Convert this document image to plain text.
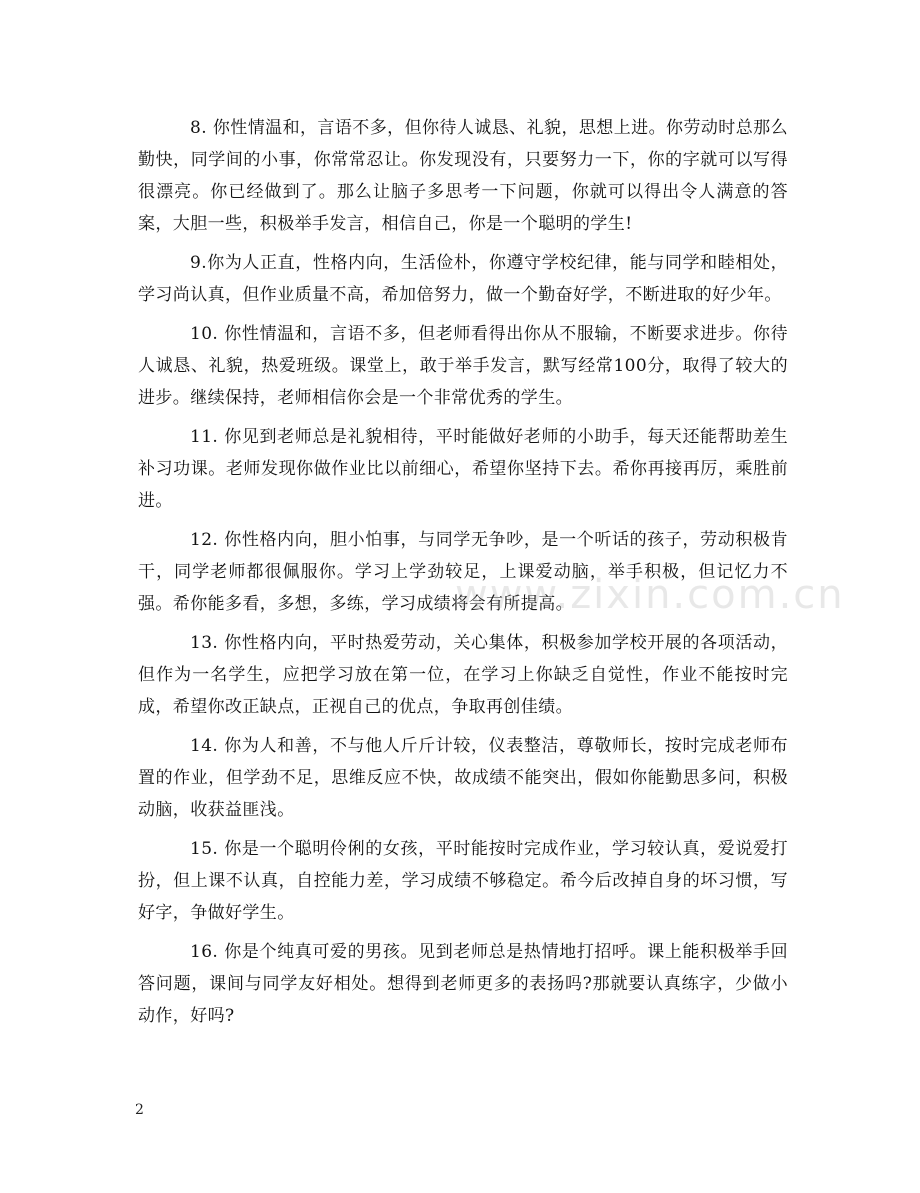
8. 你性情温和，言语不多，但你待人诚恳、礼貌，思想上进。你劳动时总那么勤快，同学间的小事，你常常忍让。你发现没有，只要努力一下，你的字就可以写得很漂亮。你已经做到了。那么让脑子多思考一下问题，你就可以得出令人满意的答案，大胆一些，积极举手发言，相信自己，你是一个聪明的学生!

9.你为人正直，性格内向，生活俭朴，你遵守学校纪律，能与同学和睦相处，学习尚认真，但作业质量不高，希加倍努力，做一个勤奋好学，不断进取的好少年。

10. 你性情温和，言语不多，但老师看得出你从不服输，不断要求进步。你待人诚恳、礼貌，热爱班级。课堂上，敢于举手发言，默写经常100分，取得了较大的进步。继续保持，老师相信你会是一个非常优秀的学生。

11. 你见到老师总是礼貌相待，平时能做好老师的小助手，每天还能帮助差生补习功课。老师发现你做作业比以前细心，希望你坚持下去。希你再接再厉，乘胜前进。

12. 你性格内向，胆小怕事，与同学无争吵，是一个听话的孩子，劳动积极肯干，同学老师都很佩服你。学习上学劲较足，上课爱动脑，举手积极，但记忆力不强。希你能多看，多想，多练，学习成绩将会有所提高。

13. 你性格内向，平时热爱劳动，关心集体，积极参加学校开展的各项活动，但作为一名学生，应把学习放在第一位，在学习上你缺乏自觉性，作业不能按时完成，希望你改正缺点，正视自己的优点，争取再创佳绩。

14. 你为人和善，不与他人斤斤计较，仪表整洁，尊敬师长，按时完成老师布置的作业，但学劲不足，思维反应不快，故成绩不能突出，假如你能勤思多问，积极动脑，收获益匪浅。

15. 你是一个聪明伶俐的女孩，平时能按时完成作业，学习较认真，爱说爱打扮，但上课不认真，自控能力差，学习成绩不够稳定。希今后改掉自身的坏习惯，写好字，争做好学生。

16. 你是个纯真可爱的男孩。见到老师总是热情地打招呼。课上能积极举手回答问题，课间与同学友好相处。想得到老师更多的表扬吗?那就要认真练字，少做小动作，好吗?

www.zixin.com.cn
2
